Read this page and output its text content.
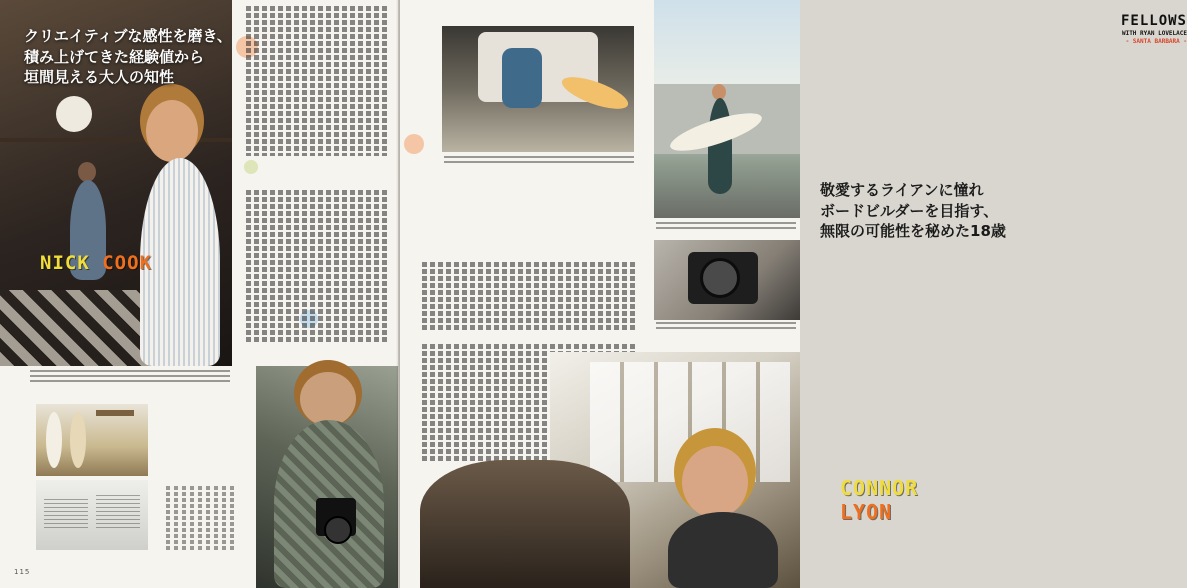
クリエイティブな感性を磨き、
積み上げてきた経験値から
垣間見える大人の知性
NICK COOK
115
FELLOWS
WITH RYAN LOVELACE
- SANTA BARBARA -
敬愛するライアンに憧れ
ボードビルダーを目指す、
無限の可能性を秘めた18歳
CONNOR LYON
